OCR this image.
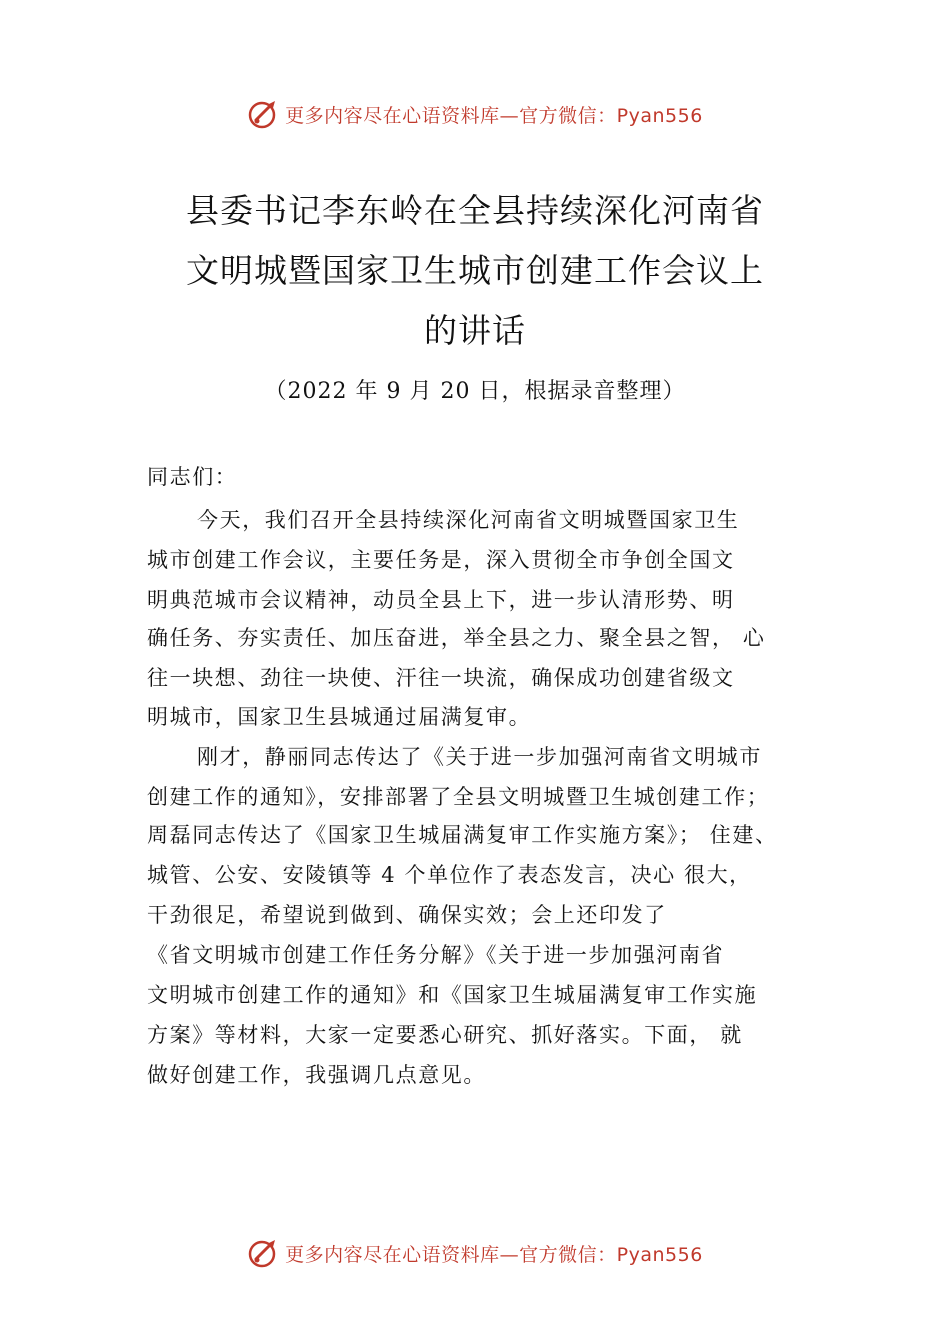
更多内容尽在心语资料库—官方微信：Pyan556
县委书记李东岭在全县持续深化河南省
文明城暨国家卫生城市创建工作会议上
的讲话
（2022 年 9 月 20 日，根据录音整理）
同志们：
今天，我们召开全县持续深化河南省文明城暨国家卫生
城市创建工作会议，主要任务是，深入贯彻全市争创全国文
明典范城市会议精神，动员全县上下，进一步认清形势、明
确任务、夯实责任、加压奋进，举全县之力、聚全县之智， 心
往一块想、劲往一块使、汗往一块流，确保成功创建省级文
明城市，国家卫生县城通过届满复审。
刚才，静丽同志传达了《关于进一步加强河南省文明城市
创建工作的通知》，安排部署了全县文明城暨卫生城创建工作；
周磊同志传达了《国家卫生城届满复审工作实施方案》； 住建、
城管、公安、安陵镇等 4 个单位作了表态发言，决心 很大，
干劲很足，希望说到做到、确保实效；会上还印发了
《省文明城市创建工作任务分解》《关于进一步加强河南省
文明城市创建工作的通知》和《国家卫生城届满复审工作实施
方案》等材料，大家一定要悉心研究、抓好落实。下面， 就
做好创建工作，我强调几点意见。
更多内容尽在心语资料库—官方微信：Pyan556
